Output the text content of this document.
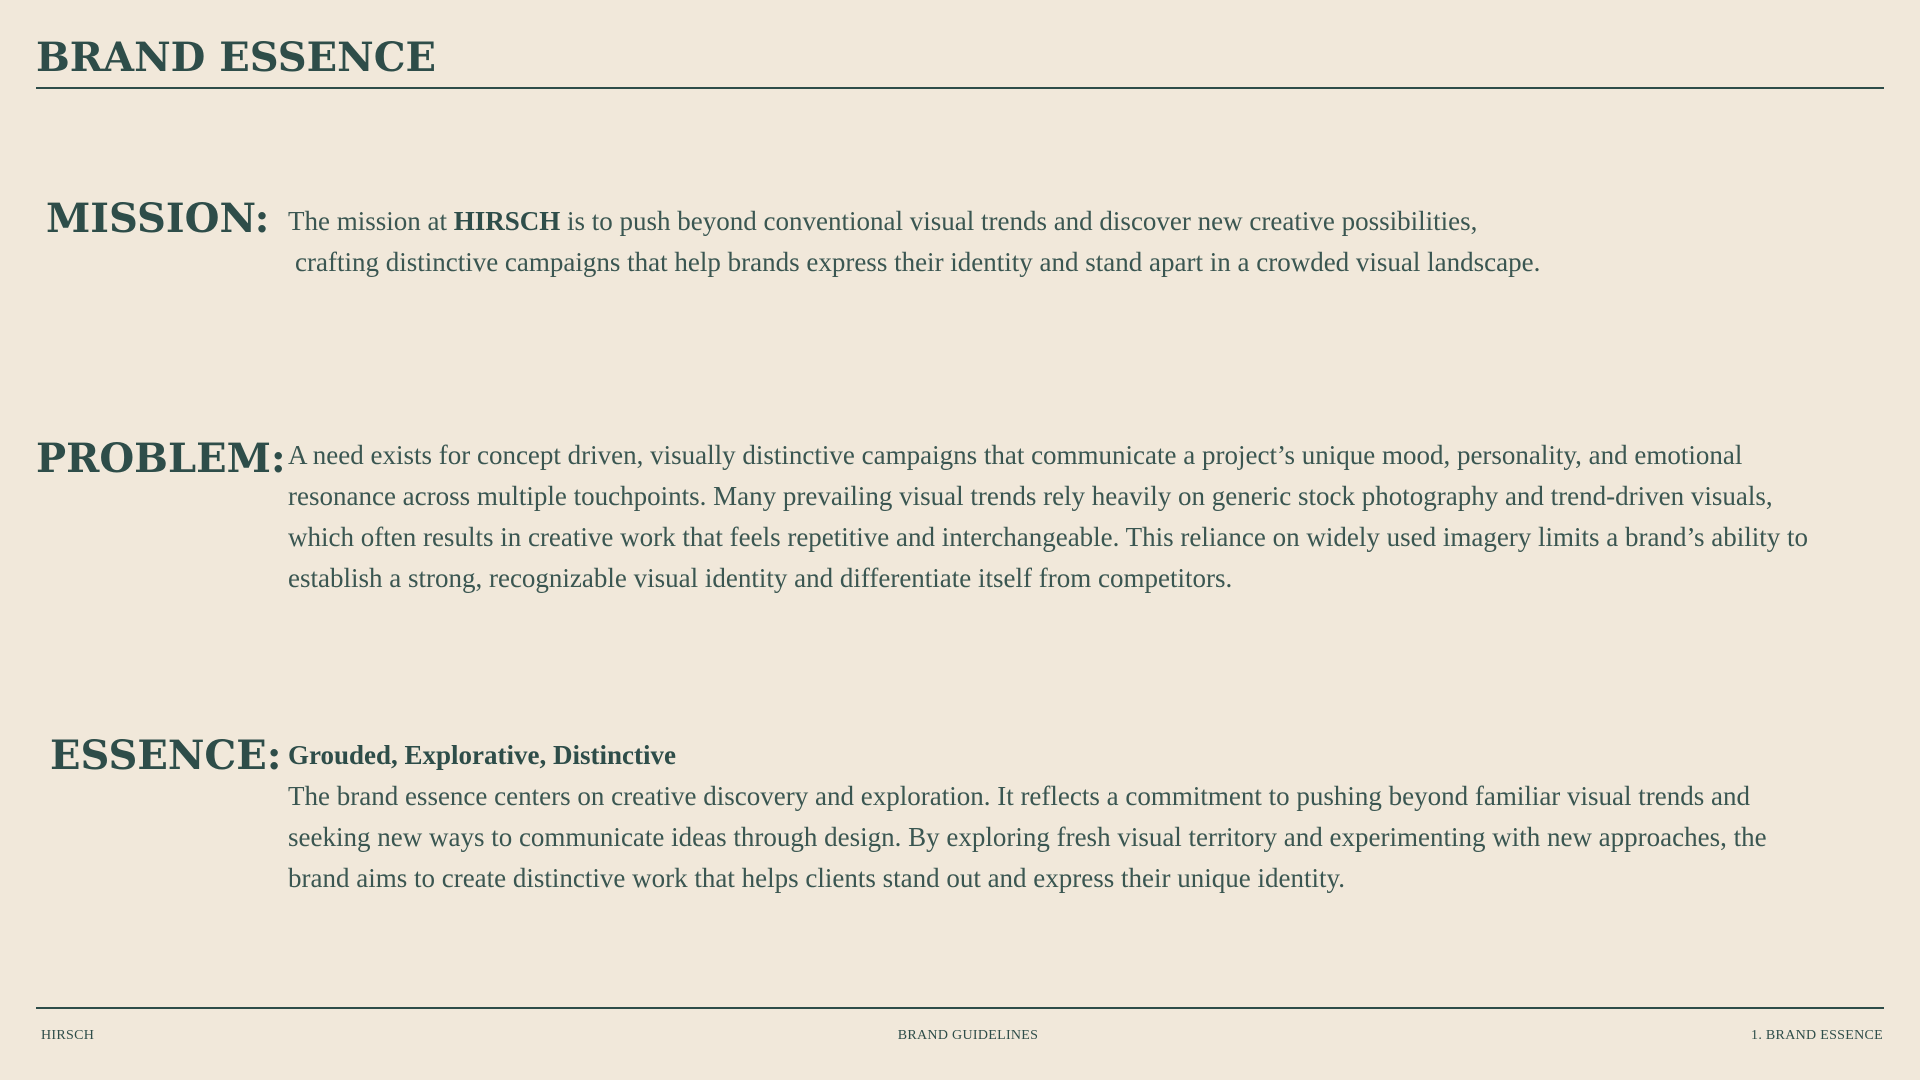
BRAND ESSENCE
MISSION: The mission at HIRSCH is to push beyond conventional visual trends and discover new creative possibilities,

crafting distinctive campaigns that help brands express their identity and stand apart in a crowded visual landscape.

PROBLEM: A need exists for concept driven, visually distinctive campaigns that communicate a project’s unique mood, personality, and emotional resonance across multiple touchpoints. Many prevailing visual trends rely heavily on generic stock photography and trend-driven visuals, which often results in creative work that feels repetitive and interchangeable. This reliance on widely used imagery limits a brand’s ability to establish a strong, recognizable visual identity and differentiate itself from competitors.

ESSENCE: Grouded, Explorative, Distinctive

The brand essence centers on creative discovery and exploration. It reflects a commitment to pushing beyond familiar visual trends and seeking new ways to communicate ideas through design. By exploring fresh visual territory and experimenting with new approaches, the brand aims to create distinctive work that helps clients stand out and express their unique identity.

HIRSCH	BRAND GUIDELINES	1. BRAND ESSENCE
